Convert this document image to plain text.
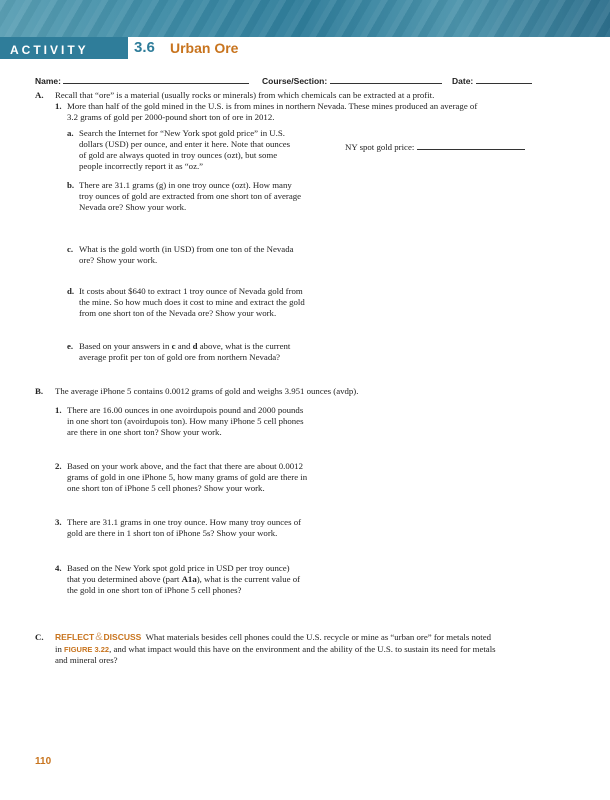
ACTIVITY	3.6 Urban Ore
Name:	Course/Section:	Date:
A. Recall that “ore” is a material (usually rocks or minerals) from which chemicals can be extracted at a profit.
1. More than half of the gold mined in the U.S. is from mines in northern Nevada. These mines produced an average of
3.2 grams of gold per 2000-pound short ton of ore in 2012.
a. Search the Internet for “New York spot gold price” in U.S.
dollars (USD) per ounce, and enter it here. Note that ounces
of gold are always quoted in troy ounces (ozt), but some
people incorrectly report it as “oz.”
NY spot gold price:
b. There are 31.1 grams (g) in one troy ounce (ozt). How many
troy ounces of gold are extracted from one short ton of average
Nevada ore? Show your work.
c. What is the gold worth (in USD) from one ton of the Nevada
ore? Show your work.
d. It costs about $640 to extract 1 troy ounce of Nevada gold from
the mine. So how much does it cost to mine and extract the gold
from one short ton of the Nevada ore? Show your work.
e. Based on your answers in c and d above, what is the current
average profit per ton of gold ore from northern Nevada?
B. The average iPhone 5 contains 0.0012 grams of gold and weighs 3.951 ounces (avdp).
1. There are 16.00 ounces in one avoirdupois pound and 2000 pounds
in one short ton (avoirdupois ton). How many iPhone 5 cell phones
are there in one short ton? Show your work.
2. Based on your work above, and the fact that there are about 0.0012
grams of gold in one iPhone 5, how many grams of gold are there in
one short ton of iPhone 5 cell phones? Show your work.
3. There are 31.1 grams in one troy ounce. How many troy ounces of
gold are there in 1 short ton of iPhone 5s? Show your work.
4. Based on the New York spot gold price in USD per troy ounce)
that you determined above (part A1a), what is the current value of
the gold in one short ton of iPhone 5 cell phones?
C. REFLECT&DISCUSS What materials besides cell phones could the U.S. recycle or mine as “urban ore” for metals noted
in FIGURE 3.22, and what impact would this have on the environment and the ability of the U.S. to sustain its need for metals
and mineral ores?
110
